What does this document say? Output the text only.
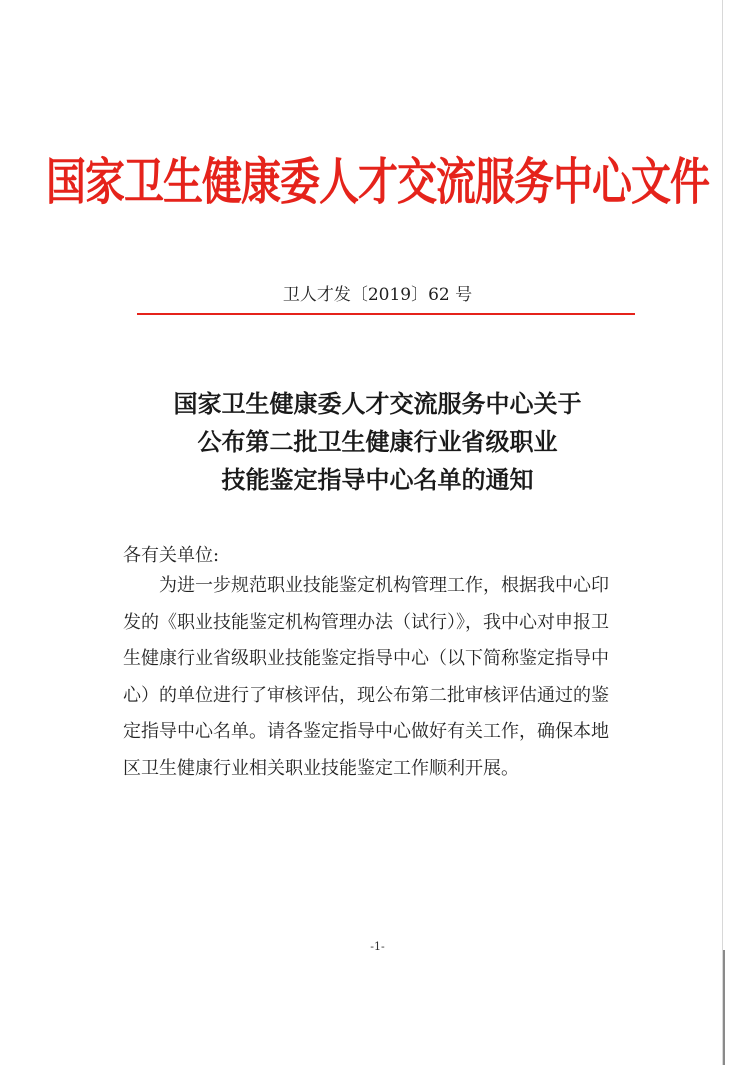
国家卫生健康委人才交流服务中心文件
卫人才发〔2019〕62 号
国家卫生健康委人才交流服务中心关于
公布第二批卫生健康行业省级职业
技能鉴定指导中心名单的通知
各有关单位:
为进一步规范职业技能鉴定机构管理工作，根据我中心印
发的《职业技能鉴定机构管理办法（试行）》，我中心对申报卫
生健康行业省级职业技能鉴定指导中心（以下简称鉴定指导中
心）的单位进行了审核评估，现公布第二批审核评估通过的鉴
定指导中心名单。请各鉴定指导中心做好有关工作，确保本地
区卫生健康行业相关职业技能鉴定工作顺利开展。
-1-
